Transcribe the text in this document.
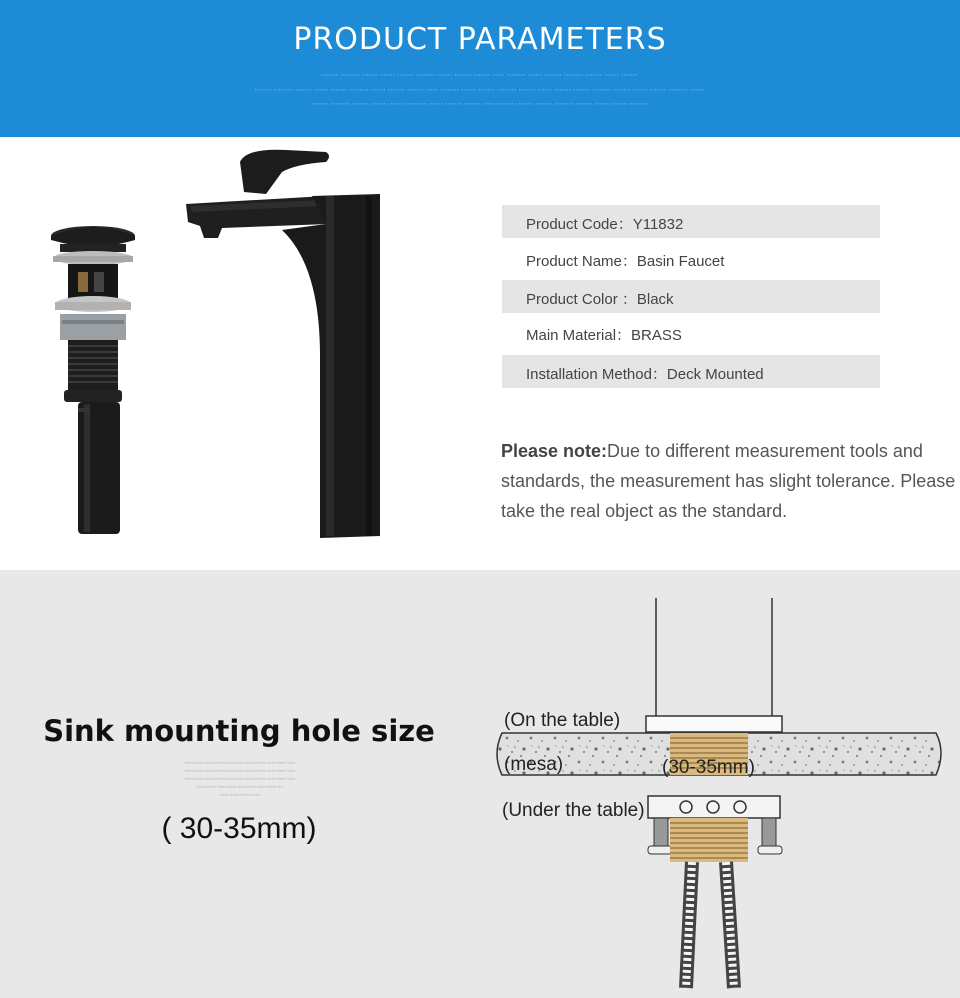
PRODUCT PARAMETERS
▪▪▪▪▪▪▪ ▪▪▪▪▪▪▪▪ ▪▪▪▪▪▪▪ ▪▪▪▪▪▪ ▪▪▪▪▪▪▪ ▪▪▪▪▪▪▪▪ ▪▪▪▪▪▪ ▪▪▪▪▪▪▪ ▪▪▪▪▪▪▪ ▪▪▪▪▪ ▪▪▪▪▪▪▪▪ ▪▪▪▪▪▪ ▪▪▪▪▪▪▪ ▪▪▪▪▪▪▪▪ ▪▪▪▪▪▪▪ ▪▪▪▪▪▪ ▪▪▪▪▪▪▪
▪▪▪▪▪▪▪ ▪▪▪▪▪▪▪▪ ▪▪▪▪▪▪▪ ▪▪▪▪▪▪ ▪▪▪▪▪▪▪ ▪▪▪▪▪▪▪▪ ▪▪▪▪▪▪ ▪▪▪▪▪▪▪ ▪▪▪▪▪▪▪ ▪▪▪▪▪ ▪▪▪▪▪▪▪▪ ▪▪▪▪▪▪ ▪▪▪▪▪▪▪ ▪▪▪▪▪▪▪▪ ▪▪▪▪▪▪▪ ▪▪▪▪▪▪ ▪▪▪▪▪▪▪ ▪▪▪▪▪▪▪ ▪▪▪▪▪▪▪▪ ▪▪▪▪▪▪▪ ▪▪▪▪▪▪ ▪▪▪▪▪▪▪ ▪▪▪▪▪▪▪▪ ▪▪▪▪▪▪
▪▪▪▪▪▪▪ ▪▪▪▪▪▪▪▪ ▪▪▪▪▪▪▪ ▪▪▪▪▪▪ ▪▪▪▪▪▪▪ ▪▪▪▪▪▪▪▪ ▪▪▪▪▪▪ ▪▪▪▪▪▪▪ ▪▪▪▪▪▪▪ ▪▪▪▪▪ ▪▪▪▪▪▪▪▪ ▪▪▪▪▪▪ ▪▪▪▪▪▪▪ ▪▪▪▪▪▪▪▪ ▪▪▪▪▪▪▪ ▪▪▪▪▪▪ ▪▪▪▪▪▪▪ ▪▪▪▪▪▪▪
Product Code：Y11832
Product Name：Basin Faucet
Product Color ：Black
Main Material：BRASS
Installation Method：Deck Mounted
Please note:Due to different measurement tools and standards, the measurement has slight tolerance. Please take the real object as the standard.
Sink mounting hole size
▪▪▪▪▪▪ ▪▪▪▪▪▪▪ ▪▪▪▪▪▪ ▪▪▪▪▪▪▪ ▪▪▪▪▪ ▪▪▪▪▪▪▪ ▪▪▪▪▪▪ ▪▪▪▪▪▪▪▪ ▪▪▪▪▪▪ ▪▪▪▪▪▪▪ ▪▪▪▪▪
▪▪▪▪▪▪ ▪▪▪▪▪▪▪ ▪▪▪▪▪▪ ▪▪▪▪▪▪▪ ▪▪▪▪▪ ▪▪▪▪▪▪▪ ▪▪▪▪▪▪ ▪▪▪▪▪▪▪▪ ▪▪▪▪▪▪ ▪▪▪▪▪▪▪ ▪▪▪▪▪
▪▪▪▪▪▪ ▪▪▪▪▪▪▪ ▪▪▪▪▪▪ ▪▪▪▪▪▪▪ ▪▪▪▪▪ ▪▪▪▪▪▪▪ ▪▪▪▪▪▪ ▪▪▪▪▪▪▪▪ ▪▪▪▪▪▪ ▪▪▪▪▪▪▪ ▪▪▪▪▪
▪▪▪▪▪▪ ▪▪▪▪▪▪▪ ▪▪▪▪▪▪ ▪▪▪▪▪▪▪ ▪▪▪▪▪ ▪▪▪▪▪▪▪ ▪▪▪▪▪▪ ▪▪▪▪▪▪▪ ▪▪▪▪
▪▪▪▪▪▪ ▪▪▪▪▪▪▪ ▪▪▪▪▪▪ ▪▪▪▪▪▪▪
( 30-35mm)
(On the table)
(mesa)	(30-35mm)
(Under the table)
